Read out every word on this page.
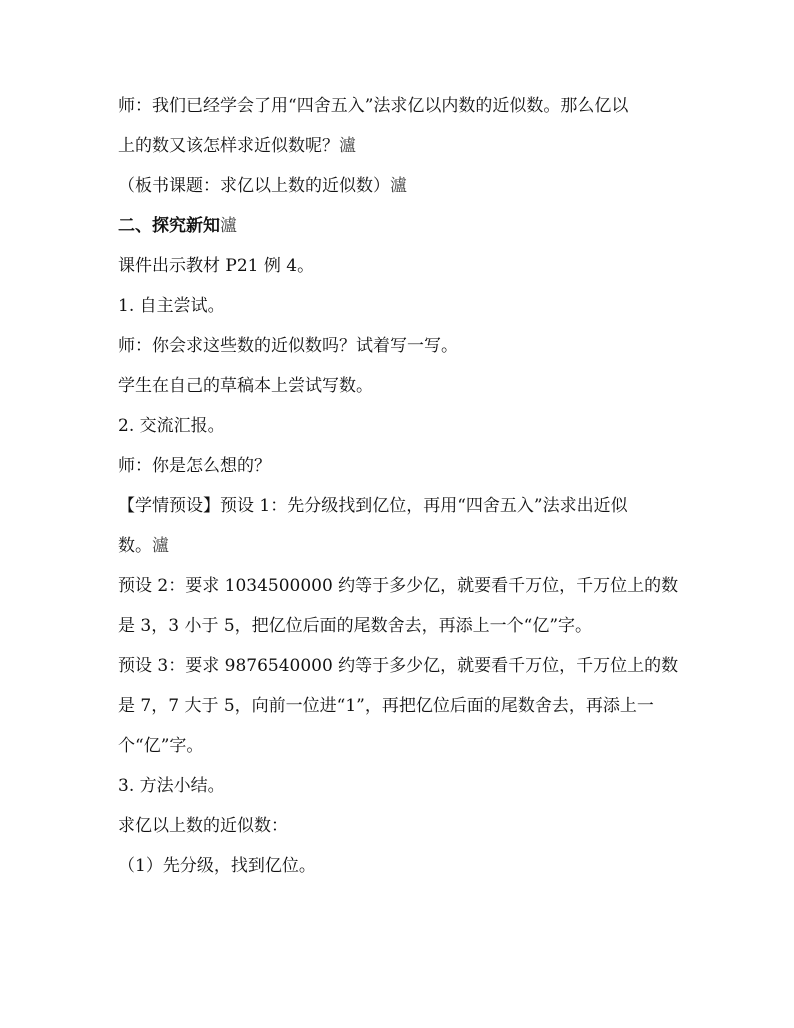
师：我们已经学会了用“四舍五入”法求亿以内数的近似数。那么亿以
上的数又该怎样求近似数呢？瀘
（板书课题：求亿以上数的近似数）瀘
二、探究新知瀘
课件出示教材 P21 例 4。
1. 自主尝试。
师：你会求这些数的近似数吗？试着写一写。
学生在自己的草稿本上尝试写数。
2. 交流汇报。
师：你是怎么想的？
【学情预设】预设 1：先分级找到亿位，再用“四舍五入”法求出近似
数。瀘
预设 2：要求 1034500000 约等于多少亿，就要看千万位，千万位上的数
是 3，3 小于 5，把亿位后面的尾数舍去，再添上一个“亿”字。
预设 3：要求 9876540000 约等于多少亿，就要看千万位，千万位上的数
是 7，7 大于 5，向前一位进“1”，再把亿位后面的尾数舍去，再添上一
个“亿”字。
3. 方法小结。
求亿以上数的近似数：
（1）先分级，找到亿位。
